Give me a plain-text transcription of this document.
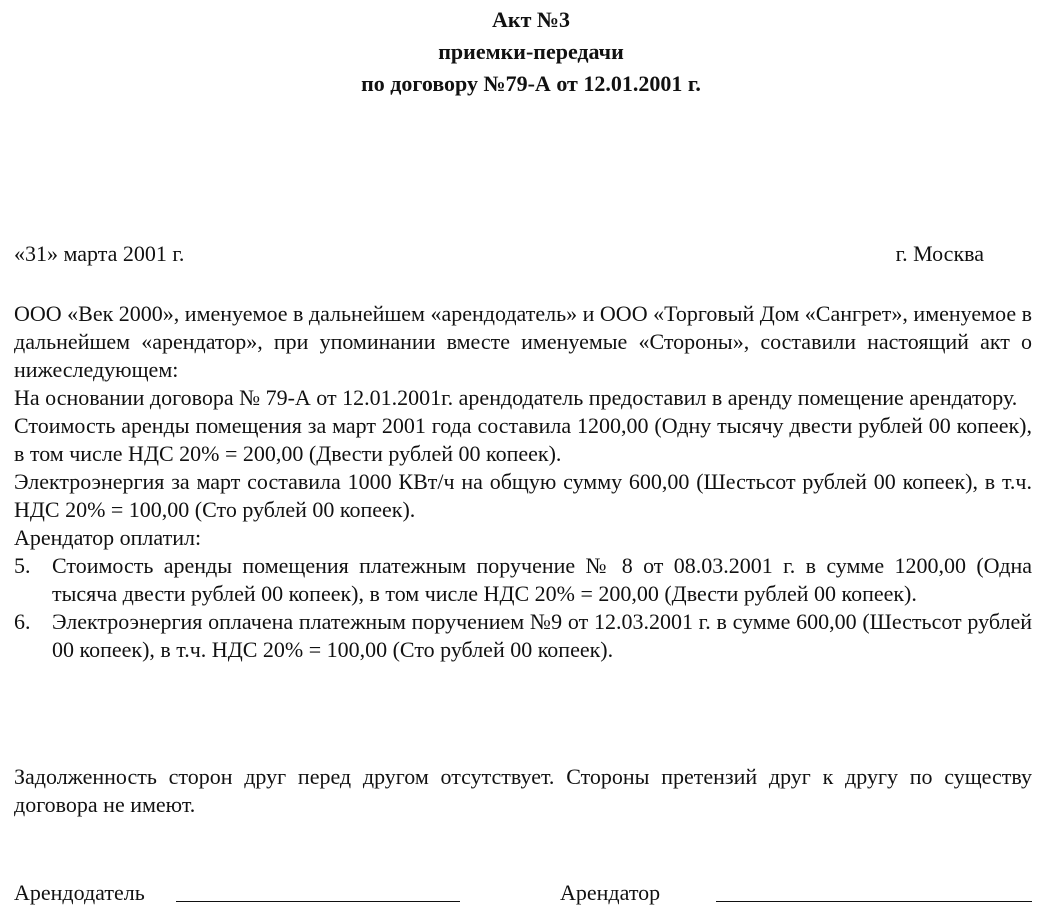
Акт №3
приемки-передачи
по договору №79-А от 12.01.2001 г.
«31» марта 2001 г.	г. Москва

ООО «Век 2000», именуемое в дальнейшем «арендодатель» и ООО «Торговый Дом «Сангрет», именуемое в дальнейшем «арендатор», при упоминании вместе именуемые «Стороны», составили настоящий акт о нижеследующем:

На основании договора № 79-А от 12.01.2001г. арендодатель предоставил в аренду помещение арендатору.

Стоимость аренды помещения за март 2001 года составила 1200,00 (Одну тысячу двести рублей 00 копеек), в том числе НДС 20% = 200,00 (Двести рублей 00 копеек).

Электроэнергия за март составила 1000 КВт/ч на общую сумму 600,00 (Шестьсот рублей 00 копеек), в т.ч. НДС 20% = 100,00 (Сто рублей 00 копеек).

Арендатор оплатил:

5. Стоимость аренды помещения платежным поручение № 8 от 08.03.2001 г. в сумме 1200,00 (Одна тысяча двести рублей 00 копеек), в том числе НДС 20% = 200,00 (Двести рублей 00 копеек).
6. Электроэнергия оплачена платежным поручением №9 от 12.03.2001 г. в сумме 600,00 (Шестьсот рублей 00 копеек), в т.ч. НДС 20% = 100,00 (Сто рублей 00 копеек).

Задолженность сторон друг перед другом отсутствует. Стороны претензий друг к другу по существу договора не имеют.

Арендодатель	Арендатор
